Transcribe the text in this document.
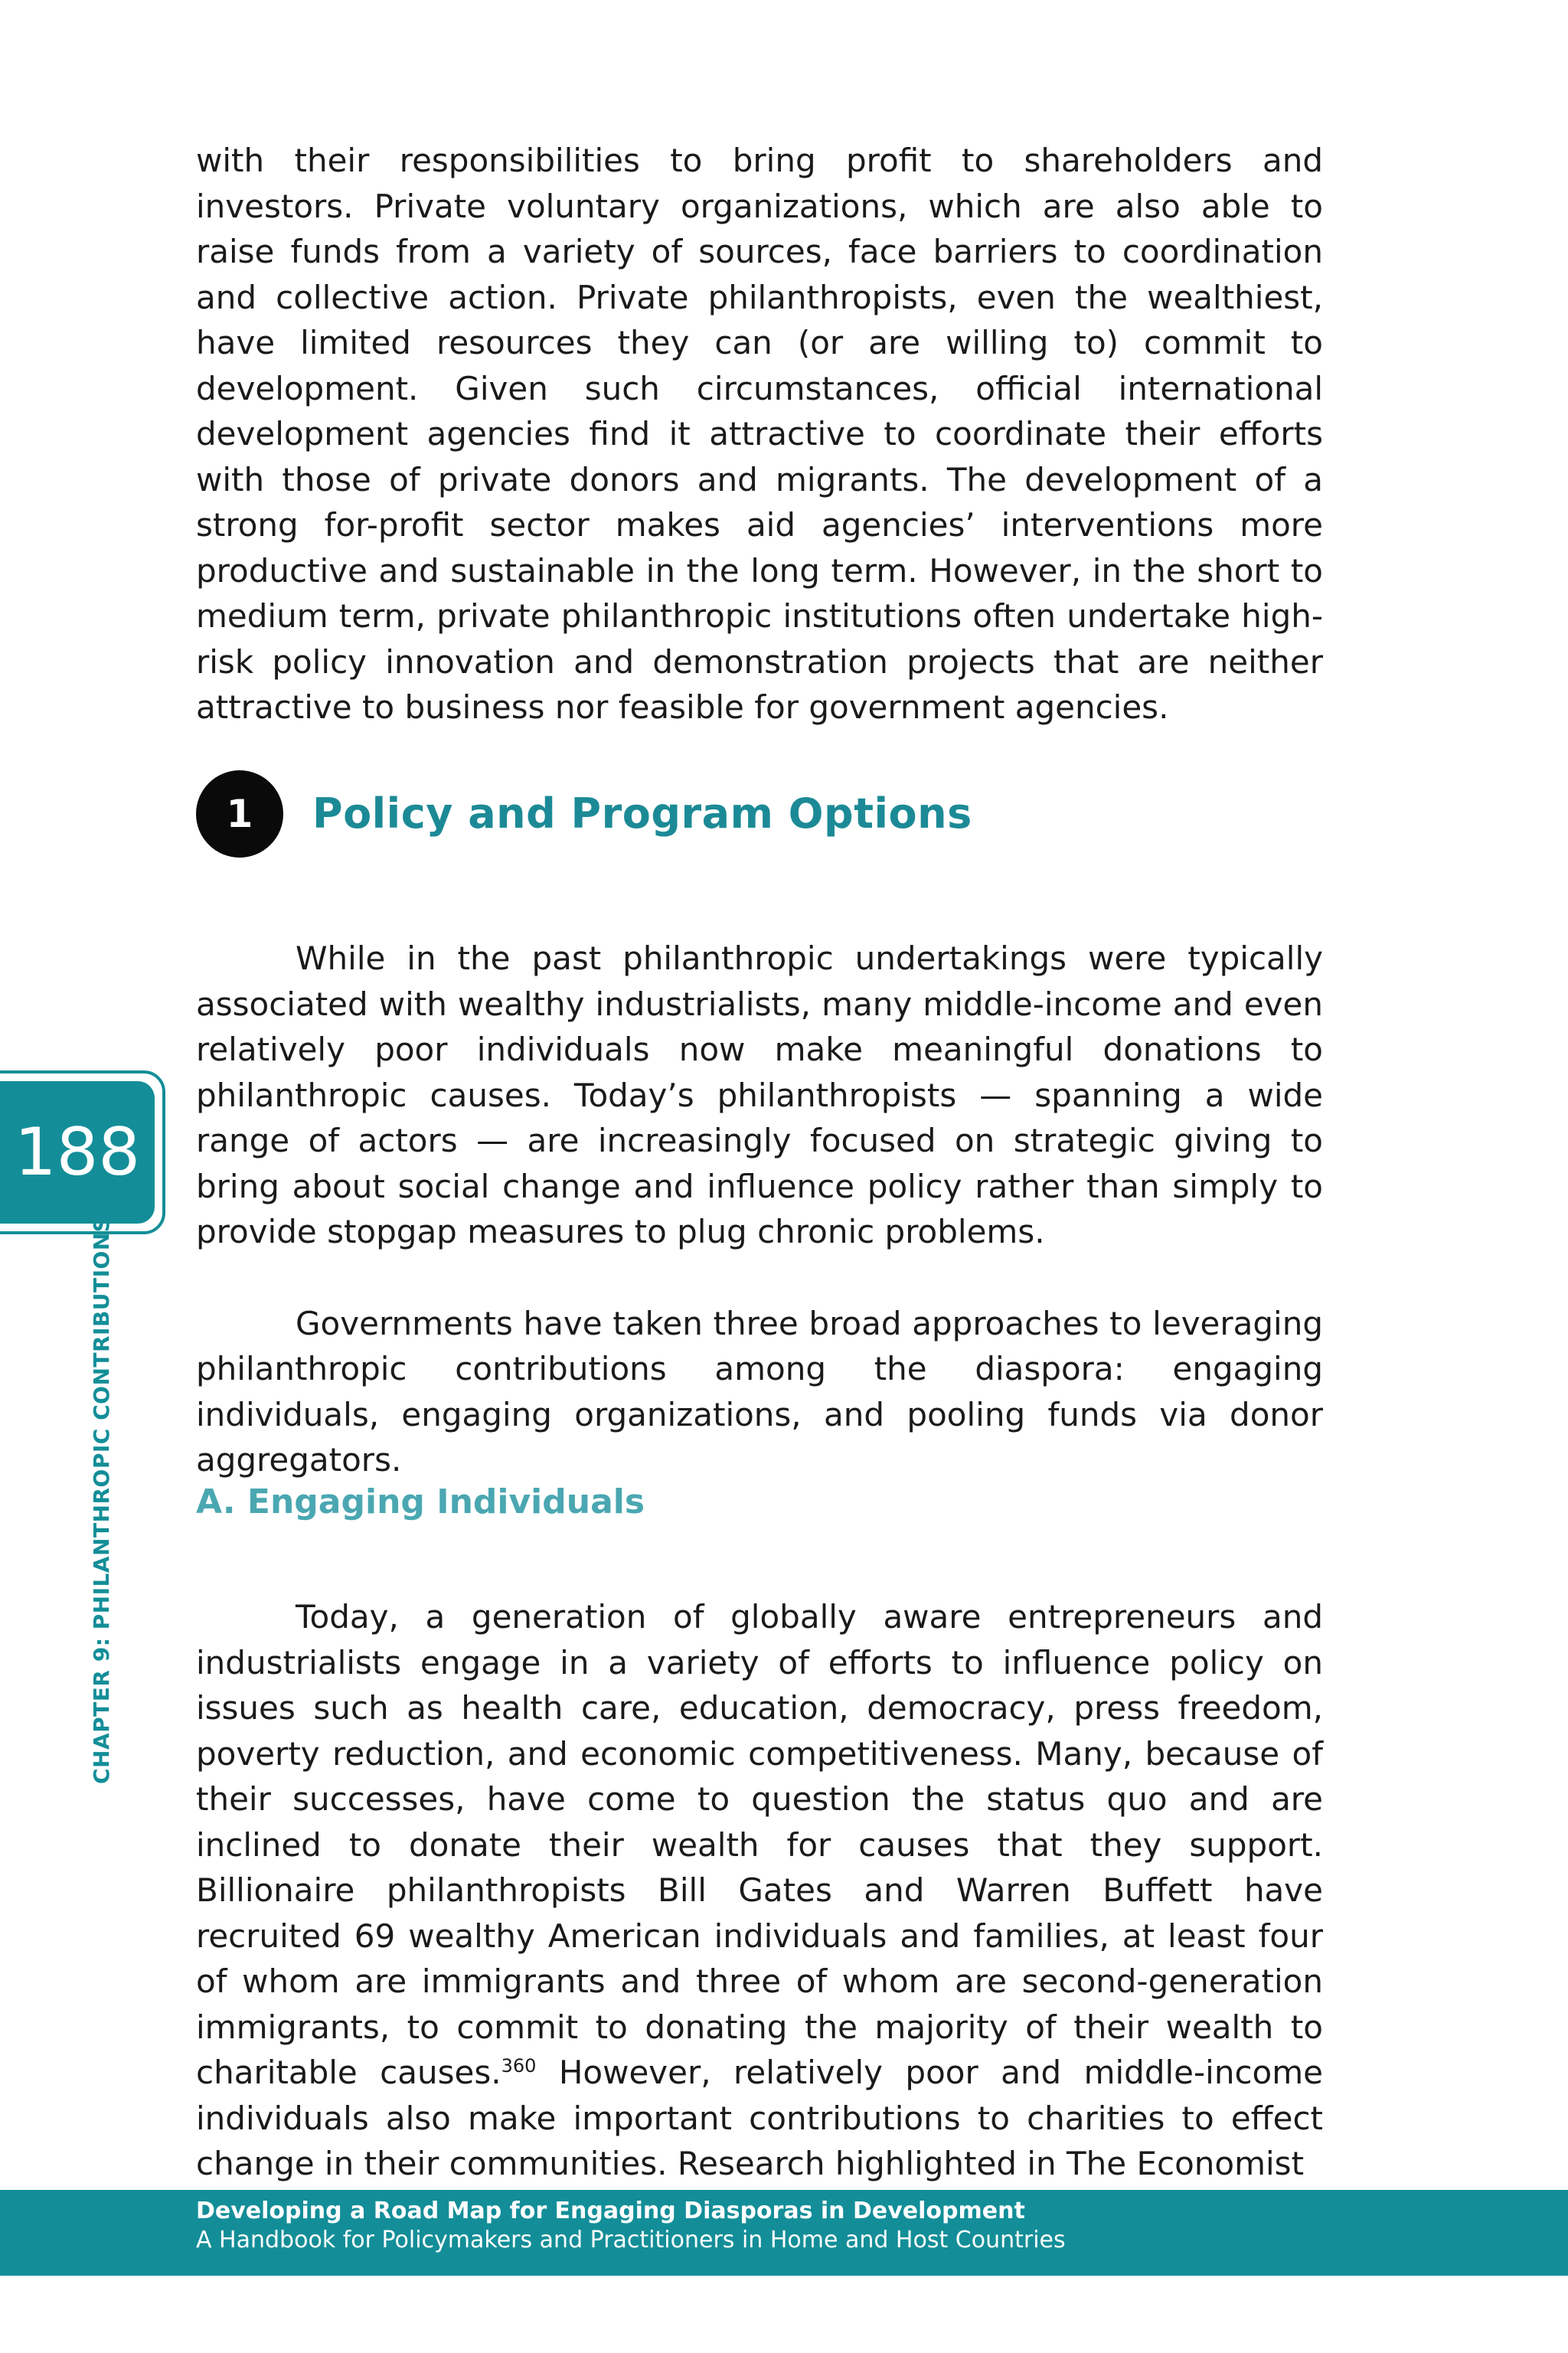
with their responsibilities to bring profit to shareholders and investors. Private voluntary organizations, which are also able to raise funds from a variety of sources, face barriers to coordination and collective action. Private philanthropists, even the wealthiest, have limited resources they can (or are willing to) commit to development. Given such circumstances, official international development agencies find it attractive to coordinate their efforts with those of private donors and migrants. The development of a strong for-profit sector makes aid agencies’ interventions more productive and sustainable in the long term. However, in the short to medium term, private philanthropic institutions often undertake high-risk policy innovation and demonstration projects that are neither attractive to business nor feasible for government agencies.

1	Policy and Program Options

While in the past philanthropic undertakings were typically associated with wealthy industrialists, many middle-income and even relatively poor individuals now make meaningful donations to philanthropic causes. Today’s philanthropists — spanning a wide range of actors — are increasingly focused on strategic giving to bring about social change and influence policy rather than simply to provide stopgap measures to plug chronic problems.

Governments have taken three broad approaches to leveraging philanthropic contributions among the diaspora: engaging individuals, engaging organizations, and pooling funds via donor aggregators.

A. Engaging Individuals

Today, a generation of globally aware entrepreneurs and industrialists engage in a variety of efforts to influence policy on issues such as health care, education, democracy, press freedom, poverty reduction, and economic competitiveness. Many, because of their successes, have come to question the status quo and are inclined to donate their wealth for causes that they support. Billionaire philanthropists Bill Gates and Warren Buffett have recruited 69 wealthy American individuals and families, at least four of whom are immigrants and three of whom are second-generation immigrants, to commit to donating the majority of their wealth to charitable causes.$^{360}$ However, relatively poor and middle-income individuals also make important contributions to charities to effect change in their communities. Research highlighted in The Economist

188
CHAPTER 9: PHILANTHROPIC CONTRIBUTIONS
Developing a Road Map for Engaging Diasporas in Development
A Handbook for Policymakers and Practitioners in Home and Host Countries
